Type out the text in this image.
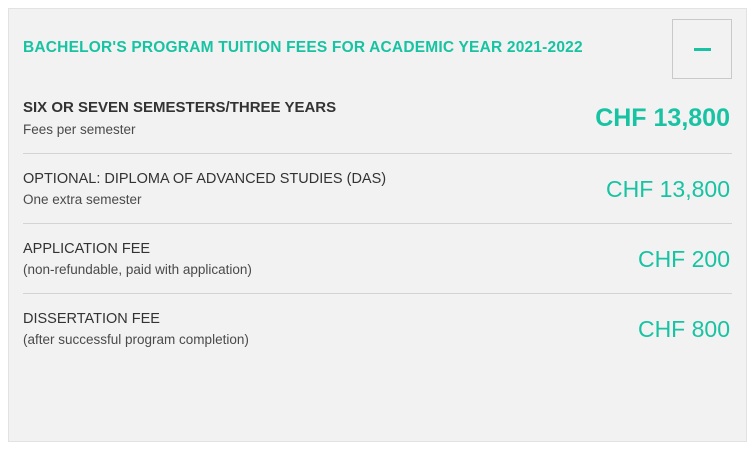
BACHELOR'S PROGRAM TUITION FEES FOR ACADEMIC YEAR 2021-2022
SIX OR SEVEN SEMESTERS/THREE YEARS
Fees per semester	CHF 13,800
OPTIONAL: DIPLOMA OF ADVANCED STUDIES (DAS)
One extra semester	CHF 13,800
APPLICATION FEE
(non-refundable, paid with application)	CHF 200
DISSERTATION FEE
(after successful program completion)	CHF 800
